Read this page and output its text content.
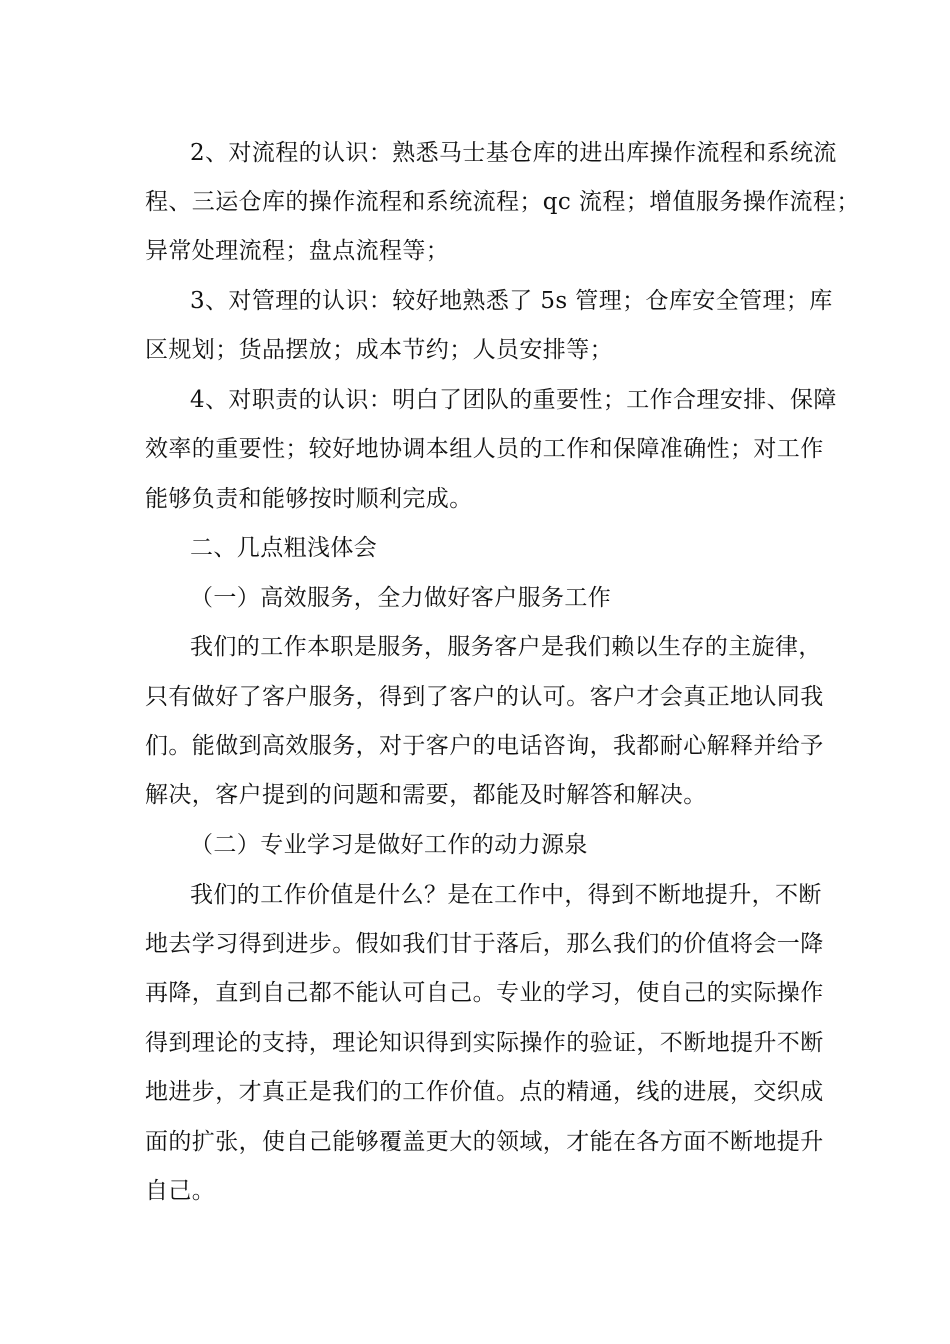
2、对流程的认识：熟悉马士基仓库的进出库操作流程和系统流
程、三运仓库的操作流程和系统流程；qc 流程；增值服务操作流程；
异常处理流程；盘点流程等；
3、对管理的认识：较好地熟悉了 5s 管理；仓库安全管理；库
区规划；货品摆放；成本节约；人员安排等；
4、对职责的认识：明白了团队的重要性；工作合理安排、保障
效率的重要性；较好地协调本组人员的工作和保障准确性；对工作
能够负责和能够按时顺利完成。
二、几点粗浅体会
（一）高效服务，全力做好客户服务工作
我们的工作本职是服务，服务客户是我们赖以生存的主旋律，
只有做好了客户服务，得到了客户的认可。客户才会真正地认同我
们。能做到高效服务，对于客户的电话咨询，我都耐心解释并给予
解决，客户提到的问题和需要，都能及时解答和解决。
（二）专业学习是做好工作的动力源泉
我们的工作价值是什么？是在工作中，得到不断地提升，不断
地去学习得到进步。假如我们甘于落后，那么我们的价值将会一降
再降，直到自己都不能认可自己。专业的学习，使自己的实际操作
得到理论的支持，理论知识得到实际操作的验证，不断地提升不断
地进步，才真正是我们的工作价值。点的精通，线的进展，交织成
面的扩张，使自己能够覆盖更大的领域，才能在各方面不断地提升
自己。
